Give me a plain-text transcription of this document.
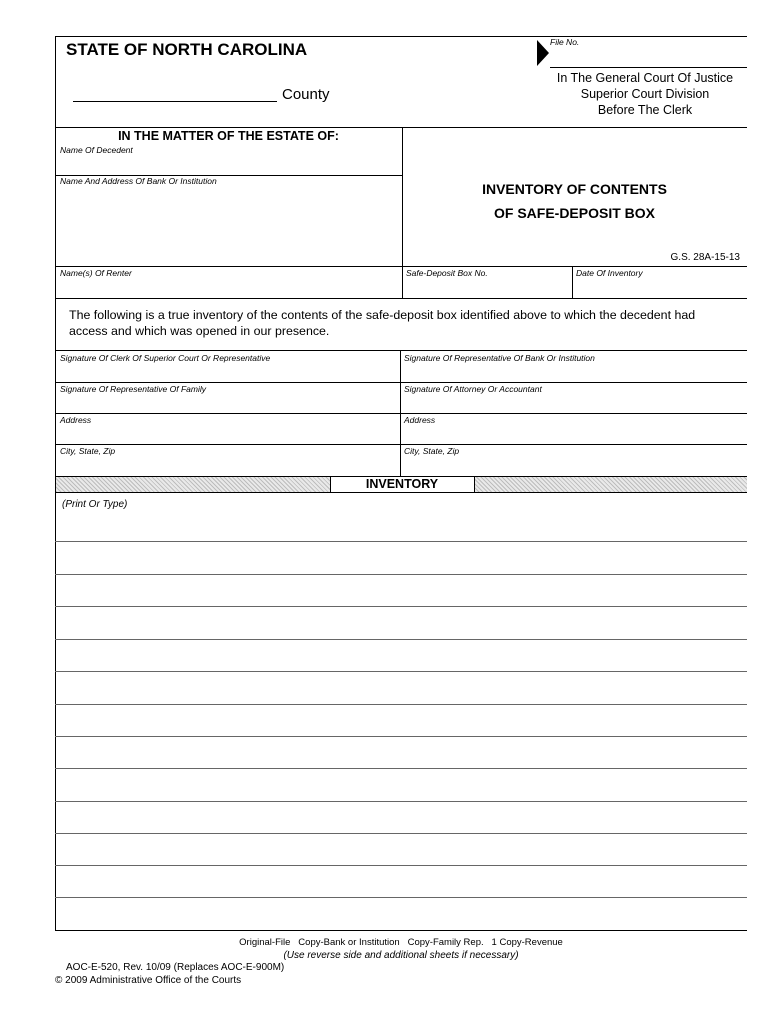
STATE OF NORTH CAROLINA	File No.
County
In The General Court Of Justice
Superior Court Division
Before The Clerk
IN THE MATTER OF THE ESTATE OF:
Name Of Decedent
Name And Address Of Bank Or Institution	INVENTORY OF CONTENTS
OF SAFE-DEPOSIT BOX
G.S. 28A-15-13
Name(s) Of Renter	Safe-Deposit Box No.	Date Of Inventory
The following is a true inventory of the contents of the safe-deposit box identified above to which the decedent had access and which was opened in our presence.
Signature Of Clerk Of Superior Court Or Representative	Signature Of Representative Of Bank Or Institution
Signature Of Representative Of Family	Signature Of Attorney Or Accountant
Address	Address
City, State, Zip	City, State, Zip
INVENTORY
(Print Or Type)
Original-File   Copy-Bank or Institution   Copy-Family Rep.   1 Copy-Revenue
(Use reverse side and additional sheets if necessary)
AOC-E-520, Rev. 10/09 (Replaces AOC-E-900M)
© 2009 Administrative Office of the Courts
